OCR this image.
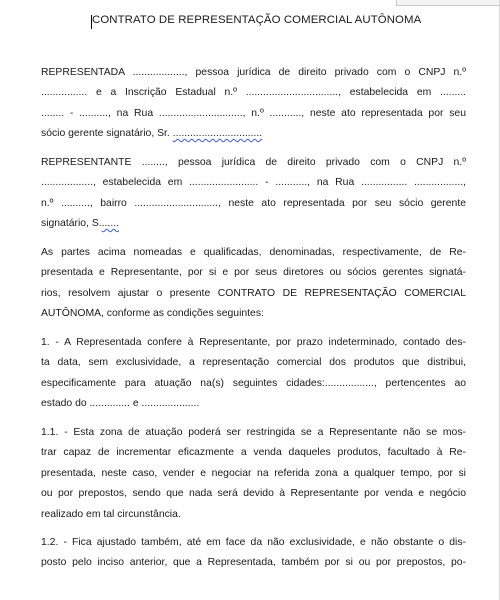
CONTRATO DE REPRESENTAÇÃO COMERCIAL AUTÔNOMA
REPRESENTADA .................., pessoa jurídica de direito privado com o CNPJ n.º
................ e a Inscrição Estadual n.º ................................, estabelecida em .........
........ - .........., na Rua ............................., n.º ..........., neste ato representada por seu
sócio gerente signatário, Sr. ...............................
REPRESENTANTE ........, pessoa jurídica de direito privado com o CNPJ n.º
.................., estabelecida em ........................ - ..........., na Rua ................ .................,
n.º .........., bairro ............................., neste ato representada por seu sócio gerente
signatário, S.......
As partes acima nomeadas e qualificadas, denominadas, respectivamente, de Re-
presentada e Representante, por si e por seus diretores ou sócios gerentes signatá-
rios, resolvem ajustar o presente CONTRATO DE REPRESENTAÇÃO COMERCIAL
AUTÔNOMA, conforme as condições seguintes:
1. - A Representada confere à Representante, por prazo indeterminado, contado des-
ta data, sem exclusividade, a representação comercial dos produtos que distribui,
especificamente para atuação na(s) seguintes cidades:................., pertencentes ao
estado do .............. e ....................
1.1. - Esta zona de atuação poderá ser restringida se a Representante não se mos-
trar capaz de incrementar eficazmente a venda daqueles produtos, facultado à Re-
presentada, neste caso, vender e negociar na referida zona a qualquer tempo, por si
ou por prepostos, sendo que nada será devido à Representante por venda e negócio
realizado em tal circunstância.
1.2. - Fica ajustado também, até em face da não exclusividade, e não obstante o dis-
posto pelo inciso anterior, que a Representada, também por si ou por prepostos, po-
